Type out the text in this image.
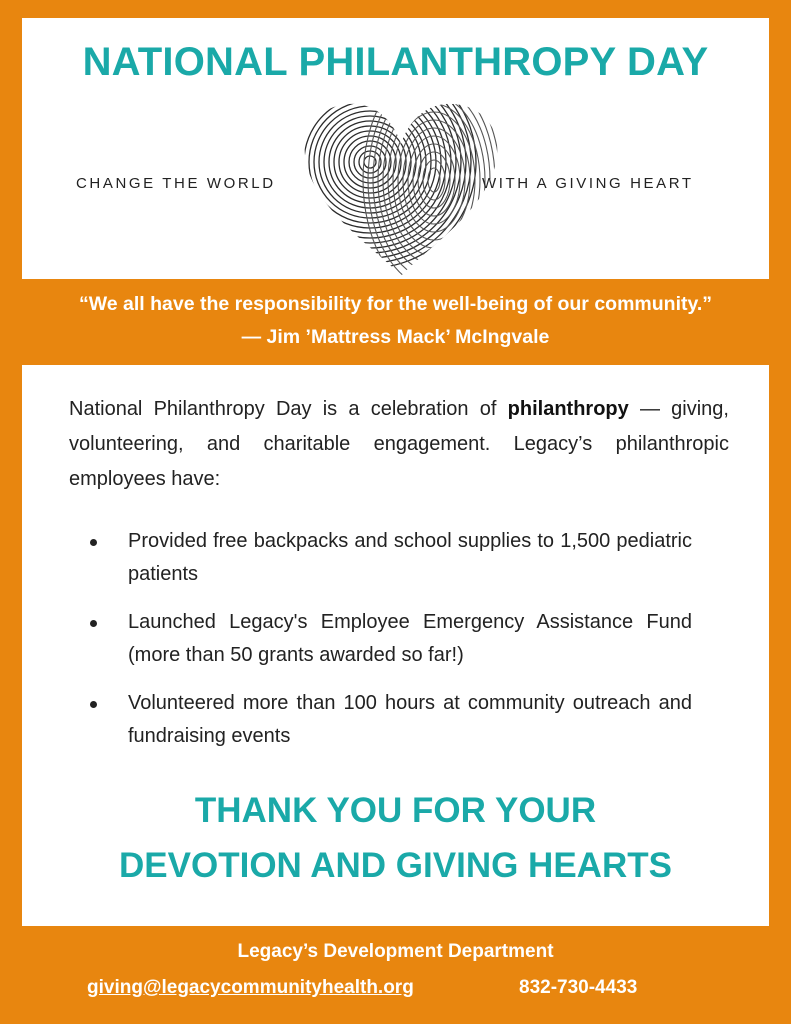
NATIONAL PHILANTHROPY DAY
CHANGE THE WORLD	WITH A GIVING HEART
“We all have the responsibility for the well-being of our community.”
— Jim ’Mattress Mack’ McIngvale

National Philanthropy Day is a celebration of philanthropy — giving, volunteering, and charitable engagement. Legacy’s philanthropic employees have:

Provided free backpacks and school supplies to 1,500 pediatric patients
Launched Legacy's Employee Emergency Assistance Fund (more than 50 grants awarded so far!)
Volunteered more than 100 hours at community outreach and fundraising events
THANK YOU FOR YOUR
DEVOTION AND GIVING HEARTS
Legacy’s Development Department
giving@legacycommunityhealth.org	832-730-4433
